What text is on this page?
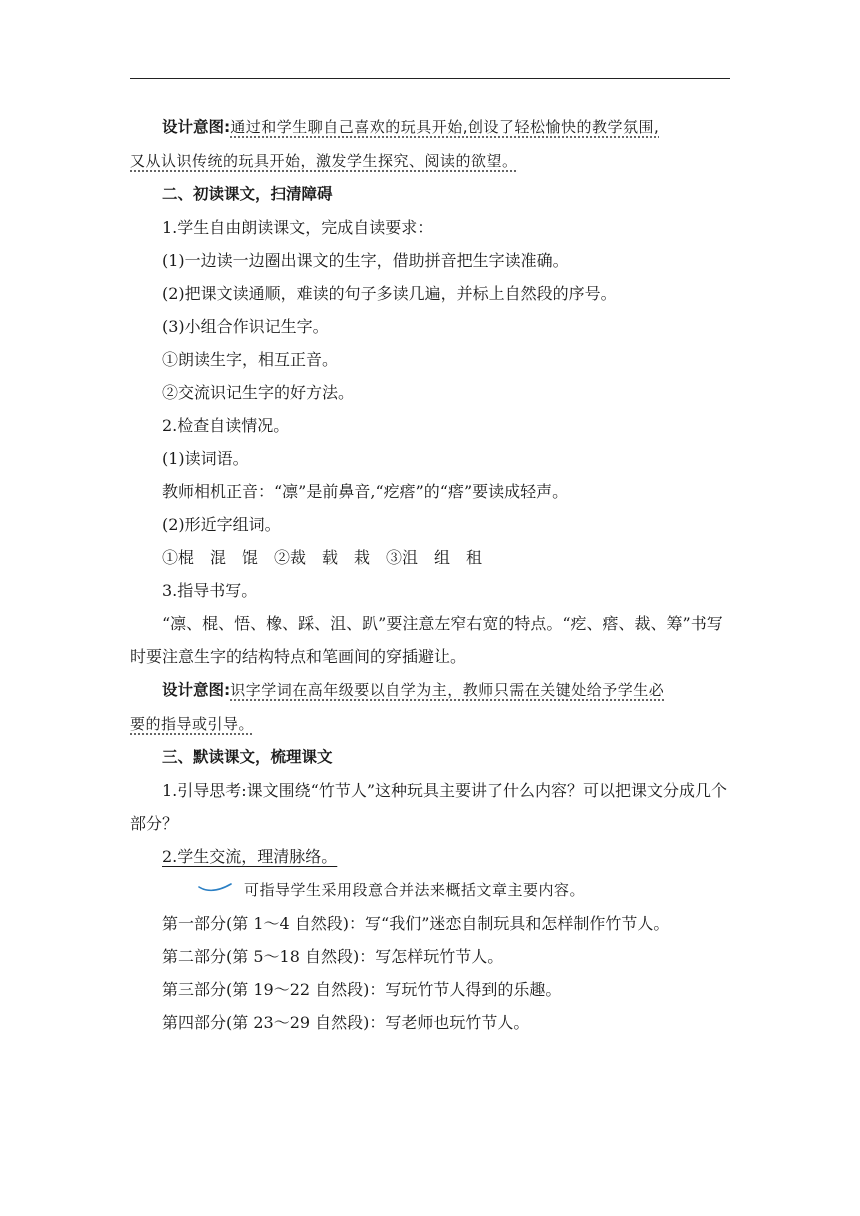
设计意图:通过和学生聊自己喜欢的玩具开始,创设了轻松愉快的教学氛围,

又从认识传统的玩具开始，激发学生探究、阅读的欲望。

二、初读课文，扫清障碍

1.学生自由朗读课文，完成自读要求：

(1)一边读一边圈出课文的生字，借助拼音把生字读准确。

(2)把课文读通顺，难读的句子多读几遍，并标上自然段的序号。

(3)小组合作识记生字。

①朗读生字，相互正音。

②交流识记生字的好方法。

2.检查自读情况。

(1)读词语。

教师相机正音：“凛”是前鼻音,“疙瘩”的“瘩”要读成轻声。

(2)形近字组词。

①棍　混　馄　②裁　载　栽　③沮　组　租

3.指导书写。

“凛、棍、悟、橡、踩、沮、趴”要注意左窄右宽的特点。“疙、瘩、裁、筹”书写时要注意生字的结构特点和笔画间的穿插避让。

设计意图:识字学词在高年级要以自学为主，教师只需在关键处给予学生必

要的指导或引导。

三、默读课文，梳理课文

1.引导思考:课文围绕“竹节人”这种玩具主要讲了什么内容？可以把课文分成几个部分？

2.学生交流，理清脉络。

可指导学生采用段意合并法来概括文章主要内容。

第一部分(第 1～4 自然段)：写“我们”迷恋自制玩具和怎样制作竹节人。

第二部分(第 5～18 自然段)：写怎样玩竹节人。

第三部分(第 19～22 自然段)：写玩竹节人得到的乐趣。

第四部分(第 23～29 自然段)：写老师也玩竹节人。
